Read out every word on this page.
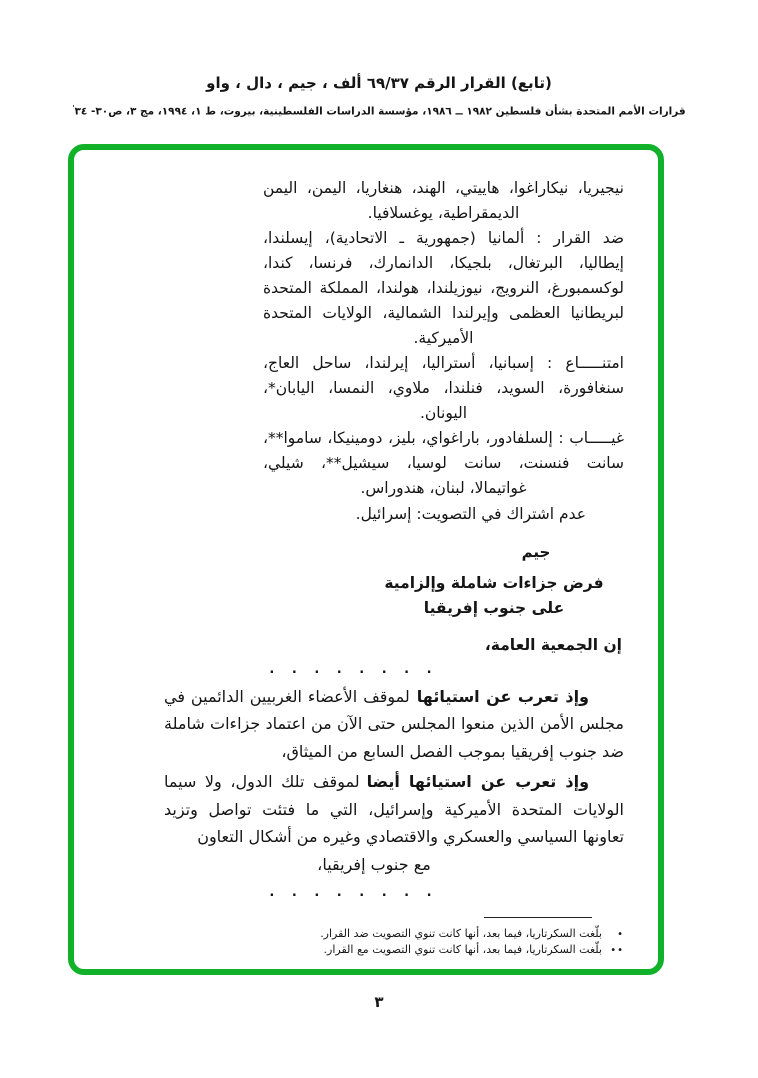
(تابع) القرار الرقم ٦٩/٣٧ ألف ، جيم ، دال ، واو
قرارات الأمم المتحدة بشأن فلسطين ١٩٨٢ ــ ١٩٨٦، مؤسسة الدراسات الفلسطينية، بيروت، ط ١، ١٩٩٤، مج ٣، ص٣٠- ٣٤'

نيجيريا، نيكاراغوا، هاييتي، الهند، هنغاريا، اليمن، اليمن الديمقراطية، يوغسلافيا.

ضد القرار : ألمانيا (جمهورية ـ الاتحادية)، إيسلندا، إيطاليا، البرتغال، بلجيكا، الدانمارك، فرنسا، كندا، لوكسمبورغ، النرويج، نيوزيلندا، هولندا، المملكة المتحدة لبريطانيا العظمى وإيرلندا الشمالية، الولايات المتحدة الأميركية.

امتنـــــاع : إسبانيا، أستراليا، إيرلندا، ساحل العاج، سنغافورة، السويد، فنلندا، ملاوي، النمسا، اليابان*، اليونان.

غيـــــاب : إلسلفادور، باراغواي، بليز، دومينيكا، ساموا**، سانت فنسنت، سانت لوسيا، سيشيل**، شيلي، غواتيمالا، لبنان، هندوراس.

عدم اشتراك في التصويت: إسرائيل.
جيم
فرض جزاءات شاملة وإلزامية
على جنوب إفريقيا
إن الجمعية العامة،
. . . . . . . .

وإذ تعرب عن استيائهالموقف الأعضاء الغربيين الدائمين في مجلس الأمن الذين منعوا المجلس حتى الآن من اعتماد جزاءات شاملة ضد جنوب إفريقيا بموجب الفصل السابع من الميثاق،

وإذ تعرب عن استيائها أيضالموقف تلك الدول، ولا سيما الولايات المتحدة الأميركية وإسرائيل، التي ما فتئت تواصل وتزيد تعاونها السياسي والعسكري والاقتصادي وغيره من أشكال التعاون

مع جنوب إفريقيا،

. . . . . . . .
•
بلّغت السكرتاريا، فيما بعد، أنها كانت تنوي التصويت ضد القرار.
••
بلّغت السكرتاريا، فيما بعد، أنها كانت تنوي التصويت مع القرار.
٣
